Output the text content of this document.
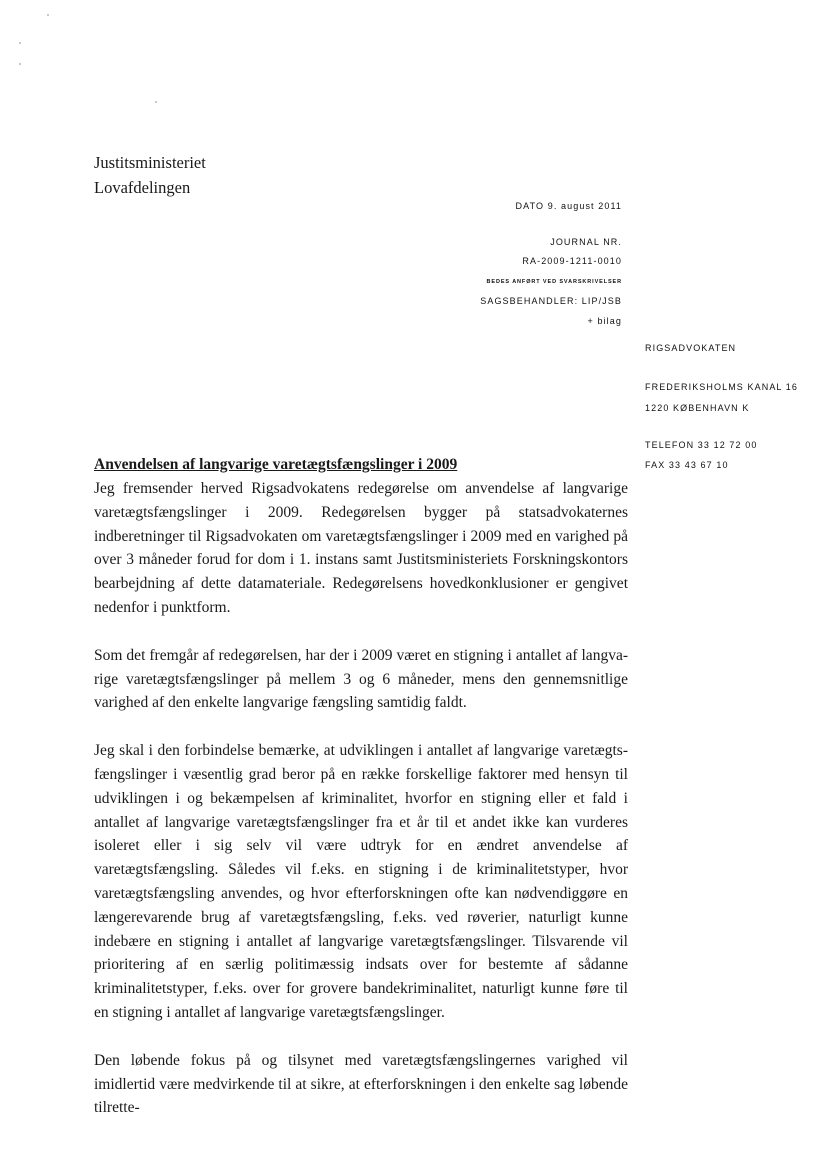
Justitsministeriet
Lovafdelingen
DATO 9. august 2011
JOURNAL NR.
RA-2009-1211-0010
BEDES ANFØRT VED SVARSKRIVELSER
SAGSBEHANDLER: LIP/JSB
+ bilag
RIGSADVOKATEN
FREDERIKSHOLMS KANAL 16
1220 KØBENHAVN K
TELEFON 33 12 72 00
FAX 33 43 67 10
Anvendelsen af langvarige varetægtsfængslinger i 2009

Jeg fremsender herved Rigsadvokatens redegørelse om anvendelse af langvarige varetægtsfængslinger i 2009. Redegørelsen bygger på statsadvokaternes indberetninger til Rigsadvokaten om varetægtsfængslinger i 2009 med en varighed på over 3 måneder forud for dom i 1. instans samt Justitsministeriets Forskningskontors bearbejdning af dette datamateriale. Redegørelsens hovedkonklusioner er gengivet nedenfor i punktform.

Som det fremgår af redegørelsen, har der i 2009 været en stigning i antallet af langvarige varetægtsfængslinger på mellem 3 og 6 måneder, mens den gennemsnitlige varighed af den enkelte langvarige fængsling samtidig faldt.

Jeg skal i den forbindelse bemærke, at udviklingen i antallet af langvarige varetægtsfængslinger i væsentlig grad beror på en række forskellige faktorer med hensyn til udviklingen i og bekæmpelsen af kriminalitet, hvorfor en stigning eller et fald i antallet af langvarige varetægtsfængslinger fra et år til et andet ikke kan vurderes isoleret eller i sig selv vil være udtryk for en ændret anvendelse af varetægtsfængsling. Således vil f.eks. en stigning i de kriminalitetstyper, hvor varetægtsfængsling anvendes, og hvor efterforskningen ofte kan nødvendiggøre en længerevarende brug af varetægtsfængsling, f.eks. ved røverier, naturligt kunne indebære en stigning i antallet af langvarige varetægtsfængslinger. Tilsvarende vil prioritering af en særlig politimæssig indsats over for bestemte af sådanne kriminalitetstyper, f.eks. over for grovere bandekriminalitet, naturligt kunne føre til en stigning i antallet af langvarige varetægtsfængslinger.

Den løbende fokus på og tilsynet med varetægtsfængslingernes varighed vil imidlertid være medvirkende til at sikre, at efterforskningen i den enkelte sag løbende tilrette-
